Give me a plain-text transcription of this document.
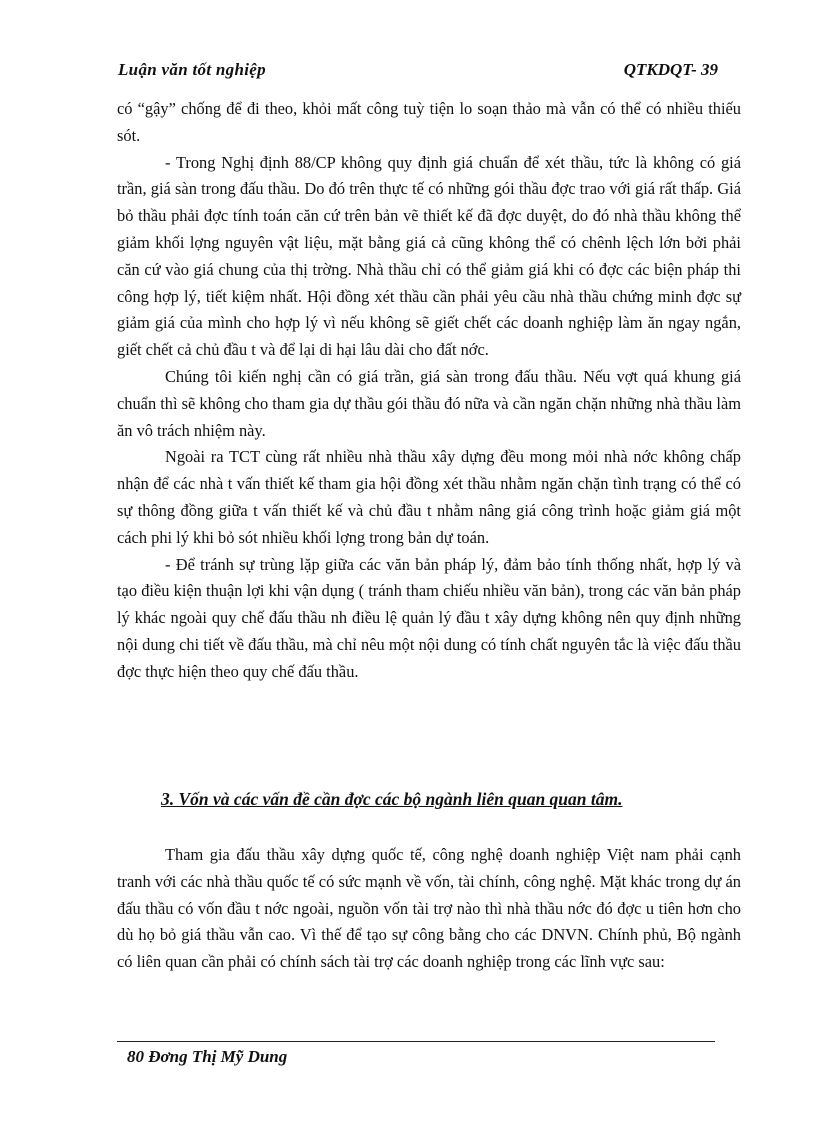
Luận văn tốt nghiệp	QTKDQT- 39

có “gậy” chống để đi theo, khỏi mất công tuỳ tiện lo soạn thảo mà vẫn có thể có nhiều thiếu sót.

- Trong Nghị định 88/CP không quy định giá chuẩn để xét thầu, tức là không có giá trần, giá sàn trong đấu thầu. Do đó trên thực tế có những gói thầu đợc trao với giá rất thấp. Giá bỏ thầu phải đợc tính toán căn cứ trên bản vẽ thiết kế đã đợc duyệt, do đó nhà thầu không thể giảm khối lợng nguyên vật liệu, mặt bằng giá cả cũng không thể có chênh lệch lớn bởi phải căn cứ vào giá chung của thị trờng. Nhà thầu chỉ có thể giảm giá khi có đợc các biện pháp thi công hợp lý, tiết kiệm nhất. Hội đồng xét thầu cần phải yêu cầu nhà thầu chứng minh đợc sự giảm giá của mình cho hợp lý vì nếu không sẽ giết chết các doanh nghiệp làm ăn ngay ngắn, giết chết cả chủ đầu t và để lại di hại lâu dài cho đất nớc.

Chúng tôi kiến nghị cần có giá trần, giá sàn trong đấu thầu. Nếu vợt quá khung giá chuẩn thì sẽ không cho tham gia dự thầu gói thầu đó nữa và cần ngăn chặn những nhà thầu làm ăn vô trách nhiệm này.

Ngoài ra TCT cùng rất nhiều nhà thầu xây dựng đều mong mỏi nhà nớc không chấp nhận để các nhà t vấn thiết kế tham gia hội đồng xét thầu nhằm ngăn chặn tình trạng có thể có sự thông đồng giữa t vấn thiết kế và chủ đầu t nhằm nâng giá công trình hoặc giảm giá một cách phi lý khi bỏ sót nhiều khối lợng trong bản dự toán.

- Để tránh sự trùng lặp giữa các văn bản pháp lý, đảm bảo tính thống nhất, hợp lý và tạo điều kiện thuận lợi khi vận dụng ( tránh tham chiếu nhiều văn bản), trong các văn bản pháp lý khác ngoài quy chế đấu thầu nh điều lệ quản lý đầu t xây dựng không nên quy định những nội dung chi tiết về đấu thầu, mà chỉ nêu một nội dung có tính chất nguyên tắc là việc đấu thầu đợc thực hiện theo quy chế đấu thầu.

3. Vốn và các vấn đề cần đợc các bộ ngành liên quan quan tâm.

Tham gia đấu thầu xây dựng quốc tế, công nghệ doanh nghiệp Việt nam phải cạnh tranh với các nhà thầu quốc tế có sức mạnh về vốn, tài chính, công nghệ. Mặt khác trong dự án đấu thầu có vốn đầu t nớc ngoài, nguồn vốn tài trợ nào thì nhà thầu nớc đó đợc u tiên hơn cho dù họ bỏ giá thầu vẫn cao. Vì thế để tạo sự công bằng cho các DNVN. Chính phủ, Bộ ngành có liên quan cần phải có chính sách tài trợ các doanh nghiệp trong các lĩnh vực sau:

80 Đơng Thị Mỹ Dung
